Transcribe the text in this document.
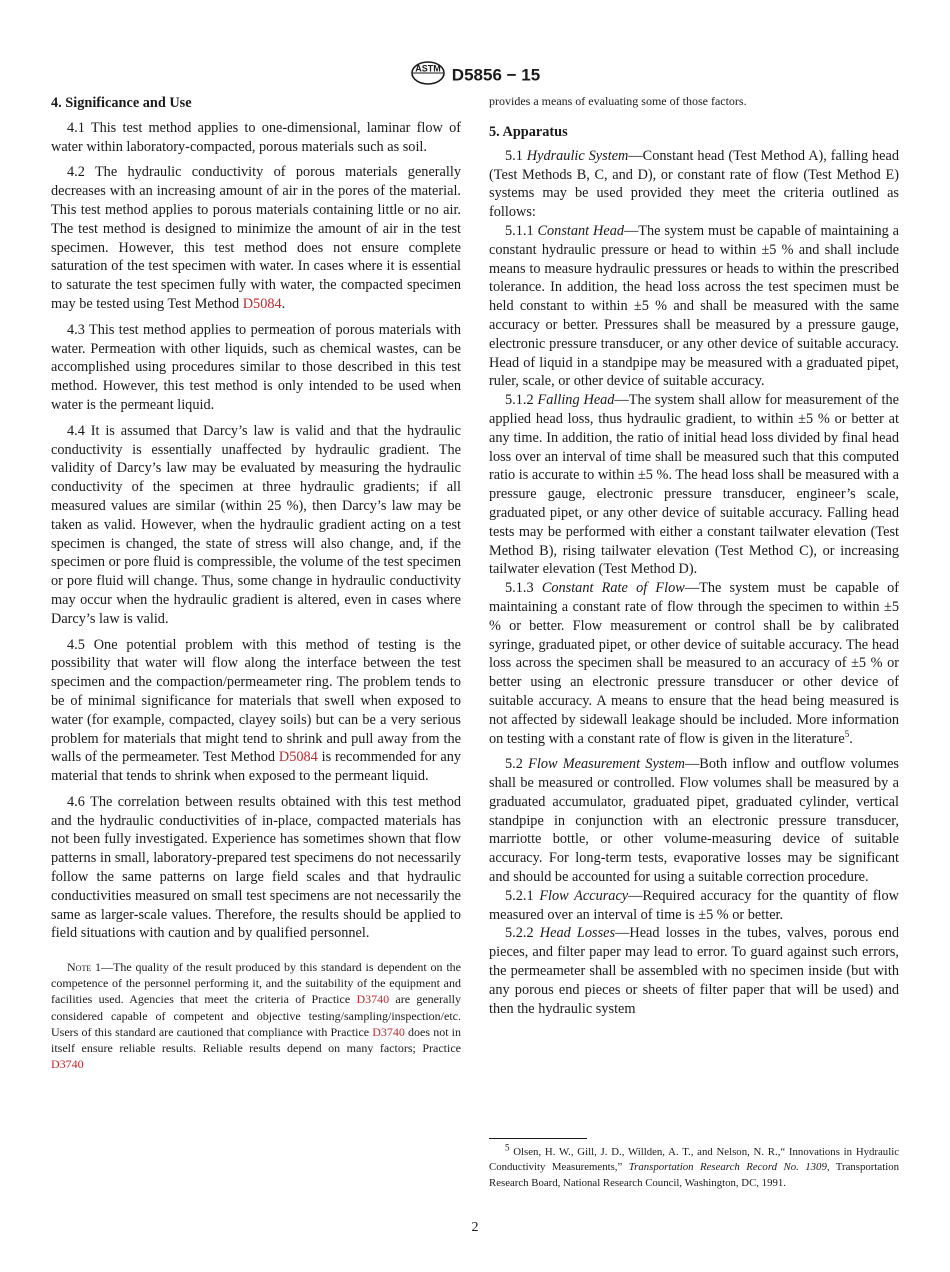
ASTM D5856 − 15
4. Significance and Use

4.1 This test method applies to one-dimensional, laminar flow of water within laboratory-compacted, porous materials such as soil.

4.2 The hydraulic conductivity of porous materials generally decreases with an increasing amount of air in the pores of the material. This test method applies to porous materials containing little or no air. The test method is designed to minimize the amount of air in the test specimen. However, this test method does not ensure complete saturation of the test specimen with water. In cases where it is essential to saturate the test specimen fully with water, the compacted specimen may be tested using Test Method D5084.

4.3 This test method applies to permeation of porous materials with water. Permeation with other liquids, such as chemical wastes, can be accomplished using procedures similar to those described in this test method. However, this test method is only intended to be used when water is the permeant liquid.

4.4 It is assumed that Darcy’s law is valid and that the hydraulic conductivity is essentially unaffected by hydraulic gradient. The validity of Darcy’s law may be evaluated by measuring the hydraulic conductivity of the specimen at three hydraulic gradients; if all measured values are similar (within 25 %), then Darcy’s law may be taken as valid. However, when the hydraulic gradient acting on a test specimen is changed, the state of stress will also change, and, if the specimen or pore fluid is compressible, the volume of the test specimen or pore fluid will change. Thus, some change in hydraulic conductivity may occur when the hydraulic gradient is altered, even in cases where Darcy’s law is valid.

4.5 One potential problem with this method of testing is the possibility that water will flow along the interface between the test specimen and the compaction/permeameter ring. The problem tends to be of minimal significance for materials that swell when exposed to water (for example, compacted, clayey soils) but can be a very serious problem for materials that might tend to shrink and pull away from the walls of the permeameter. Test Method D5084 is recommended for any material that tends to shrink when exposed to the permeant liquid.

4.6 The correlation between results obtained with this test method and the hydraulic conductivities of in-place, compacted materials has not been fully investigated. Experience has sometimes shown that flow patterns in small, laboratory-prepared test specimens do not necessarily follow the same patterns on large field scales and that hydraulic conductivities measured on small test specimens are not necessarily the same as larger-scale values. Therefore, the results should be applied to field situations with caution and by qualified personnel.

Note 1—The quality of the result produced by this standard is dependent on the competence of the personnel performing it, and the suitability of the equipment and facilities used. Agencies that meet the criteria of Practice D3740 are generally considered capable of competent and objective testing/sampling/inspection/etc. Users of this standard are cautioned that compliance with Practice D3740 does not in itself ensure reliable results. Reliable results depend on many factors; Practice D3740

provides a means of evaluating some of those factors.

5. Apparatus

5.1 Hydraulic System—Constant head (Test Method A), falling head (Test Methods B, C, and D), or constant rate of flow (Test Method E) systems may be used provided they meet the criteria outlined as follows:

5.1.1 Constant Head—The system must be capable of maintaining a constant hydraulic pressure or head to within ±5 % and shall include means to measure hydraulic pressures or heads to within the prescribed tolerance. In addition, the head loss across the test specimen must be held constant to within ±5 % and shall be measured with the same accuracy or better. Pressures shall be measured by a pressure gauge, electronic pressure transducer, or any other device of suitable accuracy. Head of liquid in a standpipe may be measured with a graduated pipet, ruler, scale, or other device of suitable accuracy.

5.1.2 Falling Head—The system shall allow for measurement of the applied head loss, thus hydraulic gradient, to within ±5 % or better at any time. In addition, the ratio of initial head loss divided by final head loss over an interval of time shall be measured such that this computed ratio is accurate to within ±5 %. The head loss shall be measured with a pressure gauge, electronic pressure transducer, engineer’s scale, graduated pipet, or any other device of suitable accuracy. Falling head tests may be performed with either a constant tailwater elevation (Test Method B), rising tailwater elevation (Test Method C), or increasing tailwater elevation (Test Method D).

5.1.3 Constant Rate of Flow—The system must be capable of maintaining a constant rate of flow through the specimen to within ±5 % or better. Flow measurement or control shall be by calibrated syringe, graduated pipet, or other device of suitable accuracy. The head loss across the specimen shall be measured to an accuracy of ±5 % or better using an electronic pressure transducer or other device of suitable accuracy. A means to ensure that the head being measured is not affected by sidewall leakage should be included. More information on testing with a constant rate of flow is given in the literature$^5$.

5.2 Flow Measurement System—Both inflow and outflow volumes shall be measured or controlled. Flow volumes shall be measured by a graduated accumulator, graduated pipet, graduated cylinder, vertical standpipe in conjunction with an electronic pressure transducer, marriotte bottle, or other volume-measuring device of suitable accuracy. For long-term tests, evaporative losses may be significant and should be accounted for using a suitable correction procedure.

5.2.1 Flow Accuracy—Required accuracy for the quantity of flow measured over an interval of time is ±5 % or better.

5.2.2 Head Losses—Head losses in the tubes, valves, porous end pieces, and filter paper may lead to error. To guard against such errors, the permeameter shall be assembled with no specimen inside (but with any porous end pieces or sheets of filter paper that will be used) and then the hydraulic system

$^5$ Olsen, H. W., Gill, J. D., Willden, A. T., and Nelson, N. R.,“ Innovations in Hydraulic Conductivity Measurements,” Transportation Research Record No. 1309, Transportation Research Board, National Research Council, Washington, DC, 1991.
2
